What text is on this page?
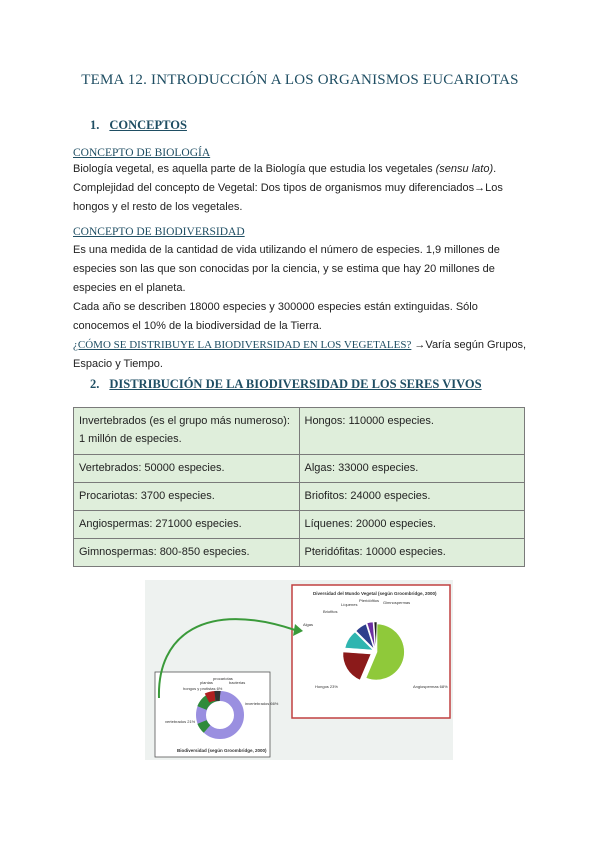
TEMA 12. INTRODUCCIÓN A LOS ORGANISMOS EUCARIOTAS
1. CONCEPTOS
CONCEPTO DE BIOLOGÍA
Biología vegetal, es aquella parte de la Biología que estudia los vegetales (sensu lato).
Complejidad del concepto de Vegetal: Dos tipos de organismos muy diferenciados→Los hongos y el resto de los vegetales.
CONCEPTO DE BIODIVERSIDAD
Es una medida de la cantidad de vida utilizando el número de especies. 1,9 millones de especies son las que son conocidas por la ciencia, y se estima que hay 20 millones de especies en el planeta.
Cada año se describen 18000 especies y 300000 especies están extinguidas. Sólo conocemos el 10% de la biodiversidad de la Tierra.
¿CÓMO SE DISTRIBUYE LA BIODIVERSIDAD EN LOS VEGETALES? →Varía según Grupos, Espacio y Tiempo.
2. DISTRIBUCIÓN DE LA BIODIVERSIDAD DE LOS SERES VIVOS
Invertebrados (es el grupo más numeroso): 1 millón de especies.	Hongos: 110000 especies.
Vertebrados: 50000 especies.	Algas: 33000 especies.
Procariotas: 3700 especies.	Briofitos: 24000 especies.
Angiospermas: 271000 especies.	Líquenes: 20000 especies.
Gimnospermas: 800-850 especies.	Pteridófitas: 10000 especies.
vertebrados 21%
invertebrados 66%
hongos y protistas 6%
plantas
procariotas
bacterias
Biodiversidad (según Groombridge, 2000)
Diversidad del Mundo Vegetal (según Groombridge, 2000)
Angiospermas 68%
Hongos 23%
Algas
Briofitos
Líquenes
Pteridófitos Gimnospermas
